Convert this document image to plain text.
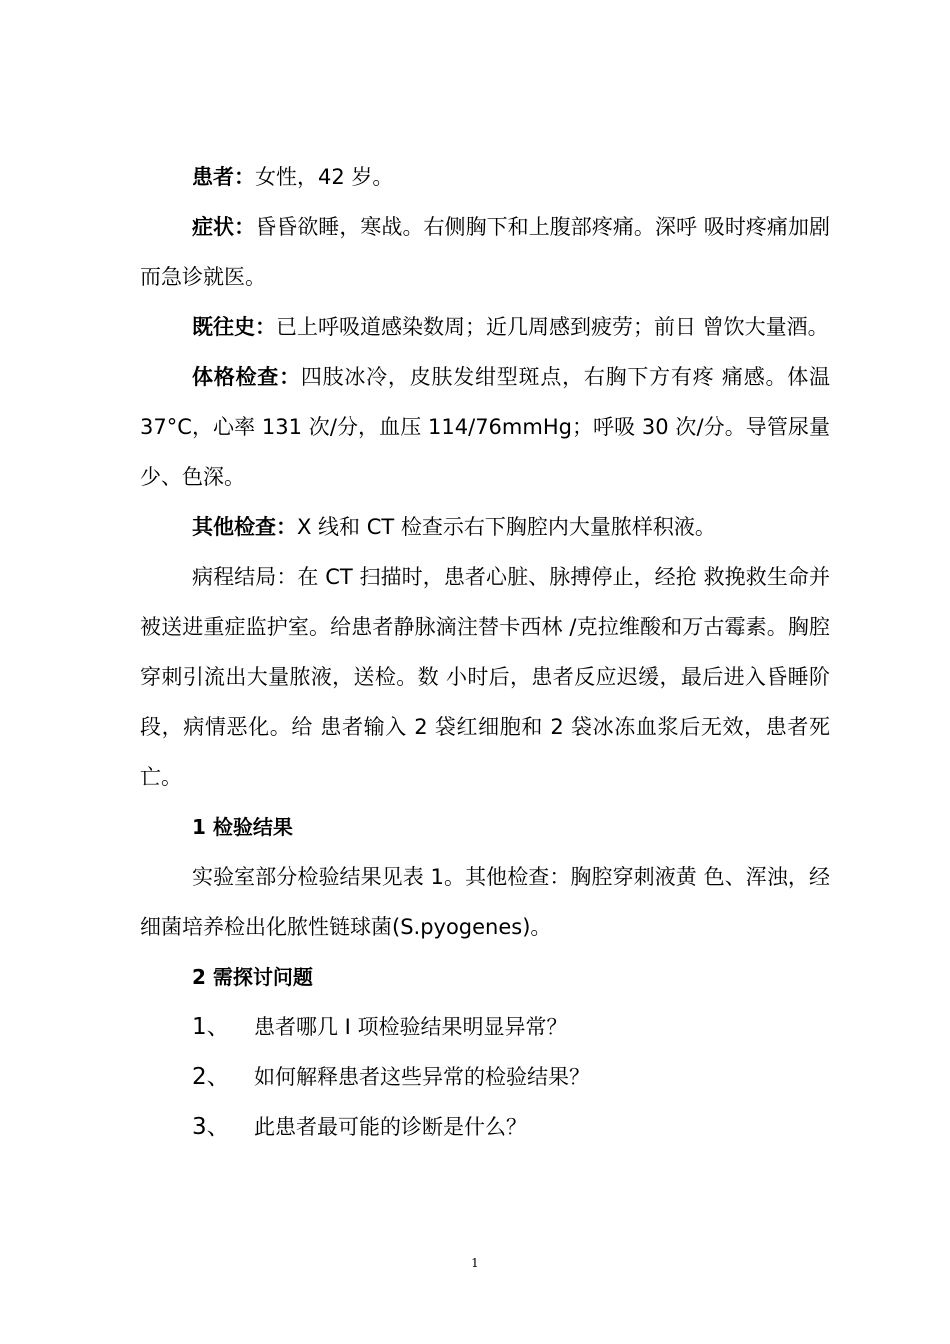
患者：女性，42 岁。

症状：昏昏欲睡，寒战。右侧胸下和上腹部疼痛。深呼 吸时疼痛加剧而急诊就医。

既往史：已上呼吸道感染数周；近几周感到疲劳；前日 曾饮大量酒。

体格检查：四肢冰冷，皮肤发绀型斑点，右胸下方有疼 痛感。体温 37°C，心率 131 次/分，血压 114/76mmHg；呼吸 30 次/分。导管尿量少、色深。

其他检查：X 线和 CT 检查示右下胸腔内大量脓样积液。

病程结局：在 CT 扫描时，患者心脏、脉搏停止，经抢 救挽救生命并被送进重症监护室。给患者静脉滴注替卡西林 /克拉维酸和万古霉素。胸腔穿刺引流出大量脓液，送检。数 小时后，患者反应迟缓，最后进入昏睡阶段，病情恶化。给 患者输入 2 袋红细胞和 2 袋冰冻血浆后无效，患者死亡。

1 检验结果

实验室部分检验结果见表 1。其他检查：胸腔穿刺液黄 色、浑浊，经细菌培养检出化脓性链球菌(S.pyogenes)。

2 需探讨问题

1、	患者哪几 I 项检验结果明显异常？
2、	如何解释患者这些异常的检验结果？
3、	此患者最可能的诊断是什么？
1
